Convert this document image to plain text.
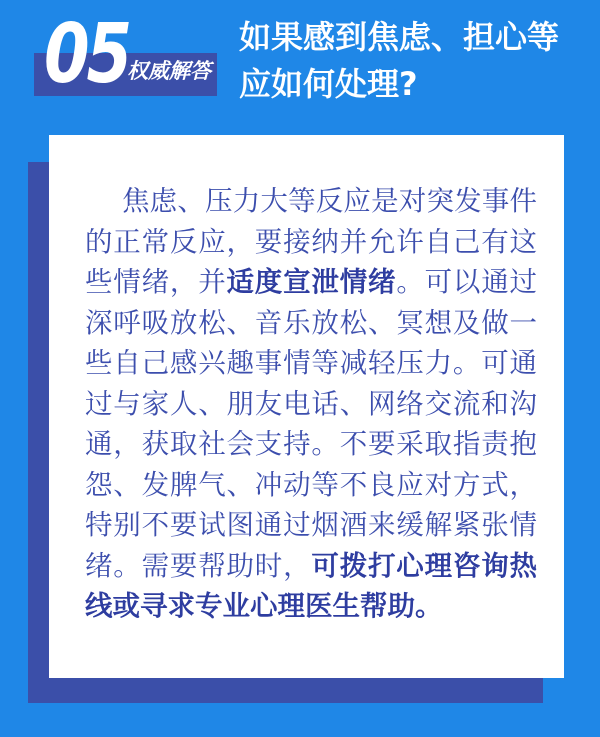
05
权威解答
如果感到焦虑、担心等应如何处理?

焦虑、压力大等反应是对突发事件的正常反应，要接纳并允许自己有这些情绪，并适度宣泄情绪。可以通过深呼吸放松、音乐放松、冥想及做一些自己感兴趣事情等减轻压力。可通过与家人、朋友电话、网络交流和沟通，获取社会支持。不要采取指责抱怨、发脾气、冲动等不良应对方式，特别不要试图通过烟酒来缓解紧张情绪。需要帮助时，可拨打心理咨询热线或寻求专业心理医生帮助。
